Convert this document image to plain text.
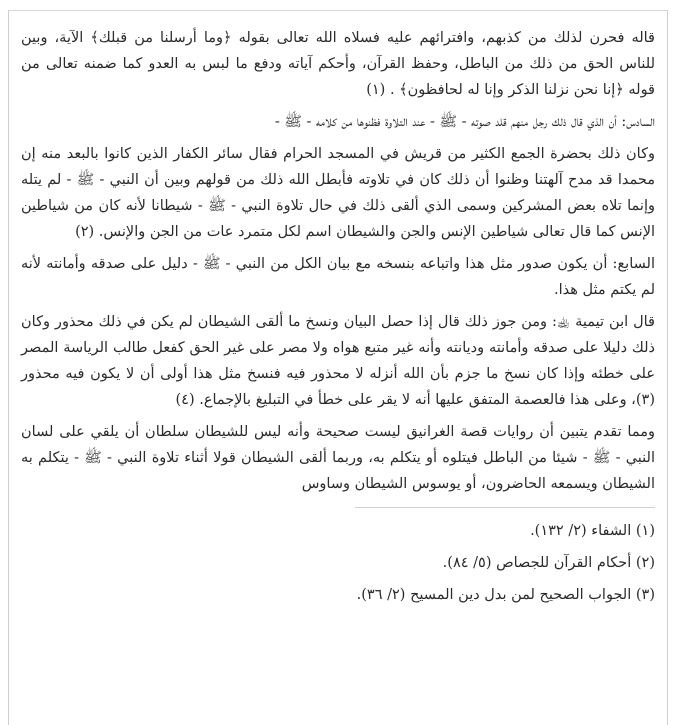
قاله فحرن لذلك من كذبهم، وافترائهم عليه فسلاه الله تعالى بقوله ﴿وما أرسلنا من قبلك﴾ الآية، وبين للناس الحق من ذلك من الباطل، وحفظ القرآن، وأحكم آياته ودفع ما لبس به العدو كما ضمنه تعالى من قوله ﴿إنا نحن نزلنا الذكر وإنا له لحافظون﴾ . (١)

السادس: أن الذي قال ذلك رجل منهم قلد صوته - ﷺ - عند التلاوة فظنوها من كلامه - ﷺ -

وكان ذلك بحضرة الجمع الكثير من قريش في المسجد الحرام فقال سائر الكفار الذين كانوا بالبعد منه إن محمدا قد مدح آلهتنا وظنوا أن ذلك كان في تلاوته فأبطل الله ذلك من قولهم وبين أن النبي - ﷺ - لم يتله وإنما تلاه بعض المشركين وسمى الذي ألقى ذلك في حال تلاوة النبي - ﷺ - شيطانا لأنه كان من شياطين الإنس كما قال تعالى شياطين الإنس والجن والشيطان اسم لكل متمرد عات من الجن والإنس. (٢)

السابع: أن يكون صدور مثل هذا واتباعه بنسخه مع بيان الكل من النبي - ﷺ - دليل على صدقه وأمانته لأنه لم يكتم مثل هذا.

قال ابن تيمية ﵀: ومن جوز ذلك قال إذا حصل البيان ونسخ ما ألقى الشيطان لم يكن في ذلك محذور وكان ذلك دليلا على صدقه وأمانته وديانته وأنه غير متبع هواه ولا مصر على غير الحق كفعل طالب الرياسة المصر على خطئه وإذا كان نسخ ما جزم بأن الله أنزله لا محذور فيه فنسخ مثل هذا أولى أن لا يكون فيه محذور (٣)، وعلى هذا فالعصمة المتفق عليها أنه لا يقر على خطأ في التبليغ بالإجماع. (٤)

ومما تقدم يتبين أن روايات قصة الغرانيق ليست صحيحة وأنه ليس للشيطان سلطان أن يلقي على لسان النبي - ﷺ - شيئا من الباطل فيتلوه أو يتكلم به، وربما ألقى الشيطان قولا أثناء تلاوة النبي - ﷺ - يتكلم به الشيطان ويسمعه الحاضرون، أو يوسوس الشيطان وساوس

(١) الشفاء (٢/ ١٣٢).

(٢) أحكام القرآن للجصاص (٥/ ٨٤).

(٣) الجواب الصحيح لمن بدل دين المسيح (٢/ ٣٦).
